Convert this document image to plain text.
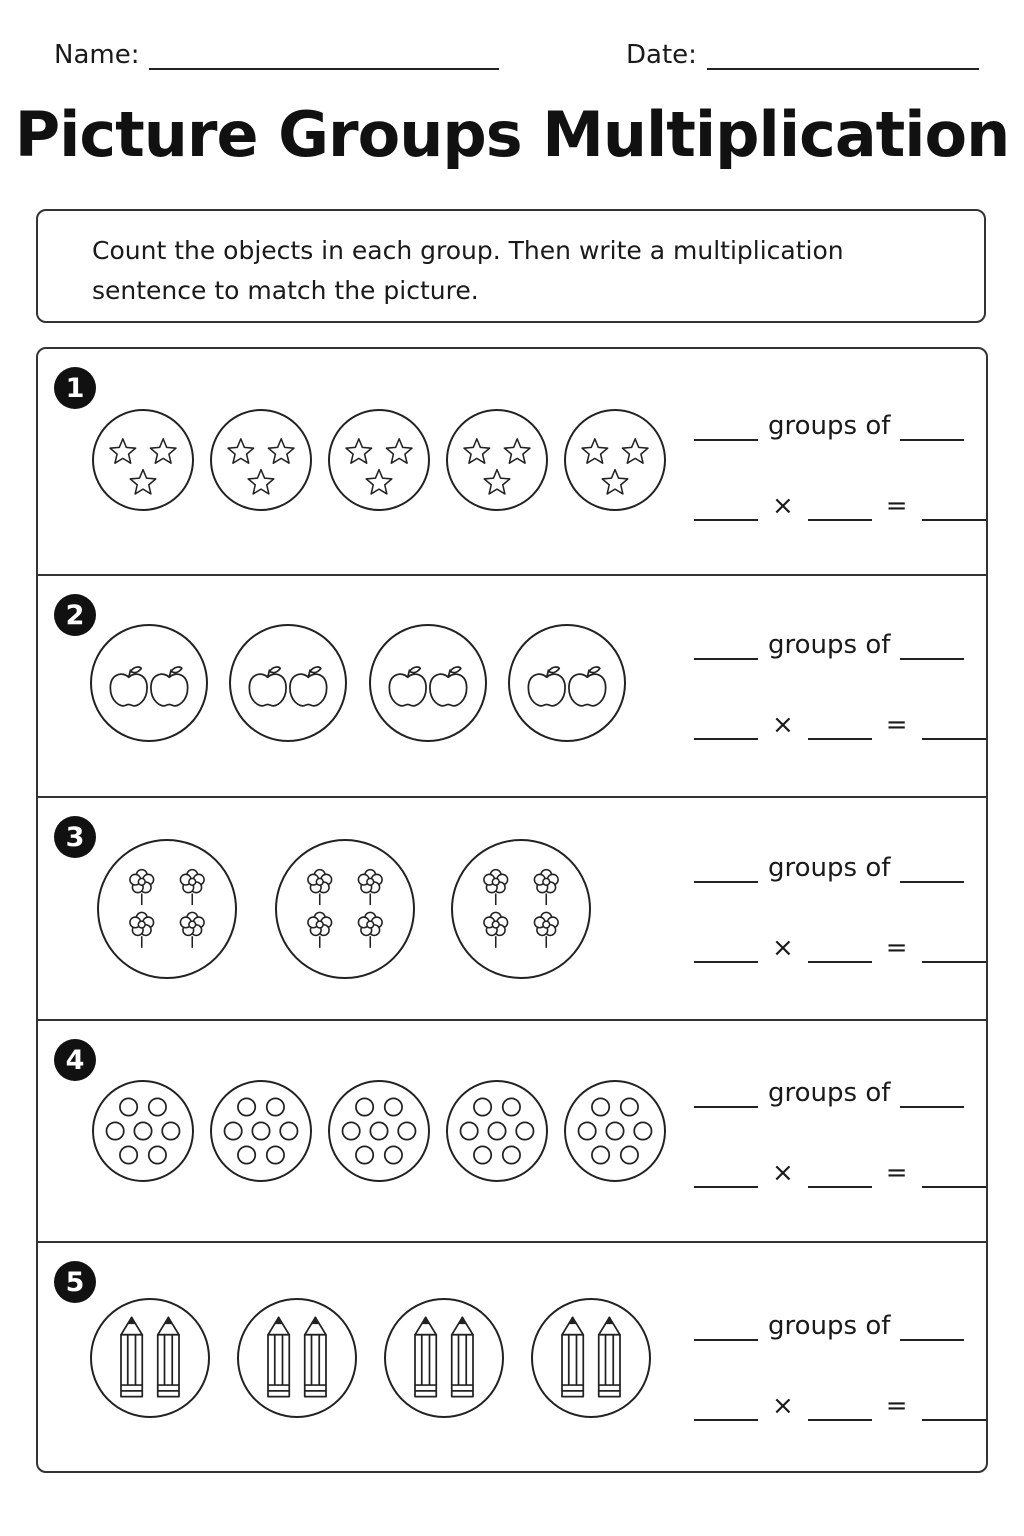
Name:	Date:
Picture Groups Multiplication
Count the objects in each group. Then write a multiplication sentence to match the picture.
1
groups of
×	=
2
groups of
×	=
3
groups of
×	=
4
groups of
×	=
5
groups of
×	=
